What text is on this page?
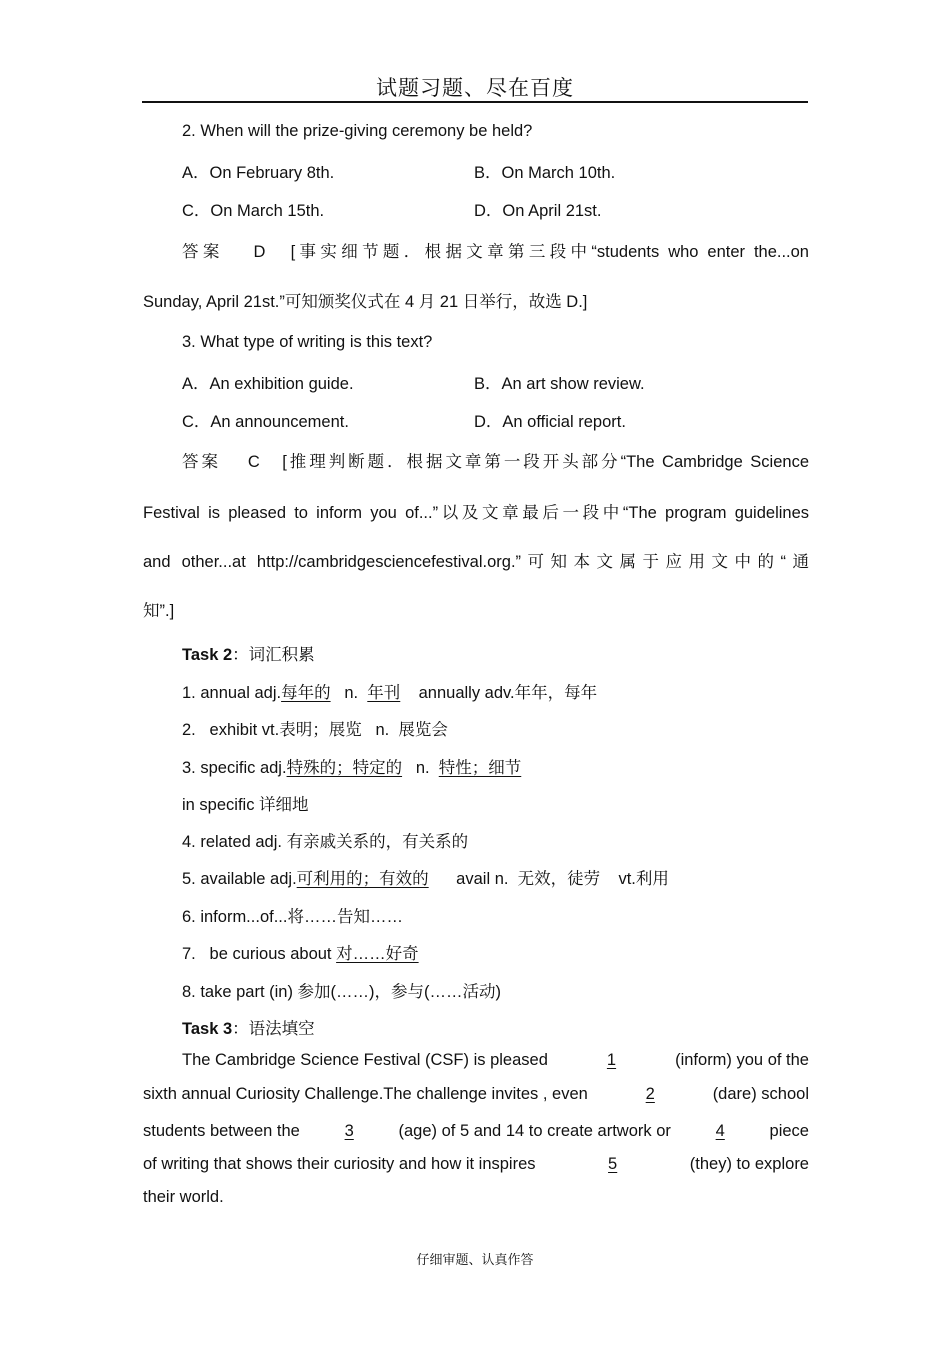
试题习题、尽在百度
2. When will the prize-giving ceremony be held?
A．On February 8th.	B．On March 10th.
C．On March 15th.	D．On April 21st.
答案　 D　[事实细节题．根据文章第三段中“students who enter the...on
Sunday, April 21st.”可知颁奖仪式在 4 月 21 日举行，故选 D.]
3. What type of writing is this text?
A．An exhibition guide.	B．An art show review.
C．An announcement.	D．An official report.
答案　 C　[推理判断题．根据文章第一段开头部分“The Cambridge Science
Festival is pleased to inform you of...”以及文章最后一段中“The program guidelines
and other...at http://cambridgesciencefestival.org.”可知本文属于应用文中的“通
知”.]
Task 2：词汇积累
1. annual adj.每年的   n.  年刊    annually adv.年年，每年
2.   exhibit vt.表明；展览   n.  展览会
3. specific adj.特殊的；特定的   n.  特性；细节
in specific 详细地
4. related adj. 有亲戚关系的，有关系的
5. available adj.可利用的；有效的      avail n.  无效，徒劳    vt.利用
6. inform...of...将……告知……
7.   be curious about 对……好奇
8. take part (in) 参加(……)，参与(……活动)
Task 3：语法填空
The Cambridge Science Festival (CSF) is pleased	1	(inform) you of the
sixth annual Curiosity Challenge.The challenge invites , even	2	(dare) school
students between the	3	(age) of 5 and 14 to create artwork or	4	piece
of writing that shows their curiosity and how it inspires	5	(they) to explore
their world.
仔细审题、认真作答
